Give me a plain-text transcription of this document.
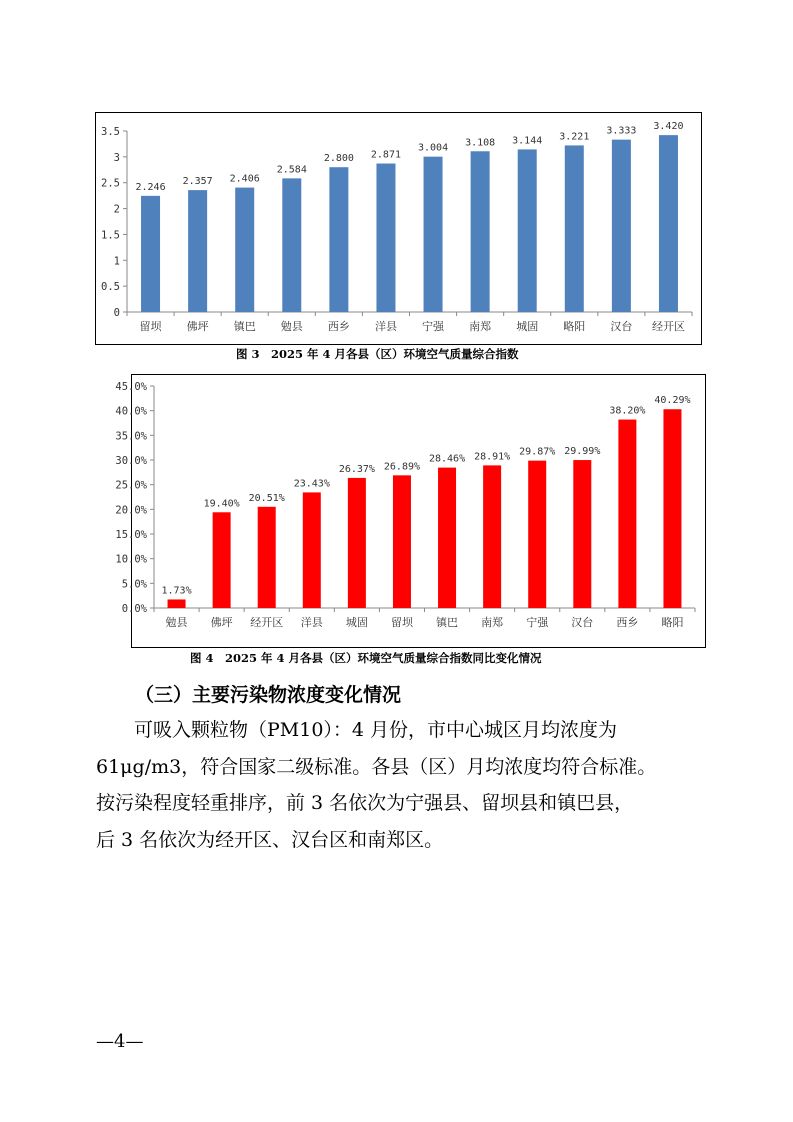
0
0.5
1
1.5
2
2.5
3
3.5
2.246
留坝
2.357
佛坪
2.406
镇巴
2.584
勉县
2.800
西乡
2.871
洋县
3.004
宁强
3.108
南郑
3.144
城固
3.221
略阳
3.333
汉台
3.420
经开区
图 3　2025 年 4 月各县（区）环境空气质量综合指数
0.0%
5.0%
10.0%
15.0%
20.0%
25.0%
30.0%
35.0%
40.0%
45.0%
1.73%
勉县
19.40%
佛坪
20.51%
经开区
23.43%
洋县
26.37%
城固
26.89%
留坝
28.46%
镇巴
28.91%
南郑
29.87%
宁强
29.99%
汉台
38.20%
西乡
40.29%
略阳
图 4　2025 年 4 月各县（区）环境空气质量综合指数同比变化情况
（三）主要污染物浓度变化情况

可吸入颗粒物（PM10）：4 月份，市中心城区月均浓度为

61μg/m3，符合国家二级标准。各县（区）月均浓度均符合标准。

按污染程度轻重排序，前 3 名依次为宁强县、留坝县和镇巴县，

后 3 名依次为经开区、汉台区和南郑区。

—4—
